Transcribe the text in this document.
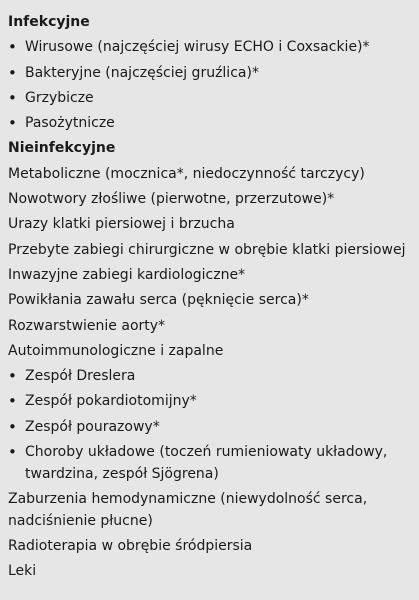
Infekcyjne
• Wirusowe (najczęściej wirusy ECHO i Coxsackie)*
• Bakteryjne (najczęściej gruźlica)*
• Grzybicze
• Pasożytnicze
Nieinfekcyjne
Metaboliczne (mocznica*, niedoczynność tarczycy)
Nowotwory złośliwe (pierwotne, przerzutowe)*
Urazy klatki piersiowej i brzucha
Przebyte zabiegi chirurgiczne w obrębie klatki piersiowej
Inwazyjne zabiegi kardiologiczne*
Powikłania zawału serca (pęknięcie serca)*
Rozwarstwienie aorty*
Autoimmunologiczne i zapalne
• Zespół Dreslera
• Zespół pokardiotomijny*
• Zespół pourazowy*
• Choroby układowe (toczeń rumieniowaty układowy, twardzina, zespół Sjögrena)
Zaburzenia hemodynamiczne (niewydolność serca, nadciśnienie płucne)
Radioterapia w obrębie śródpiersia
Leki
